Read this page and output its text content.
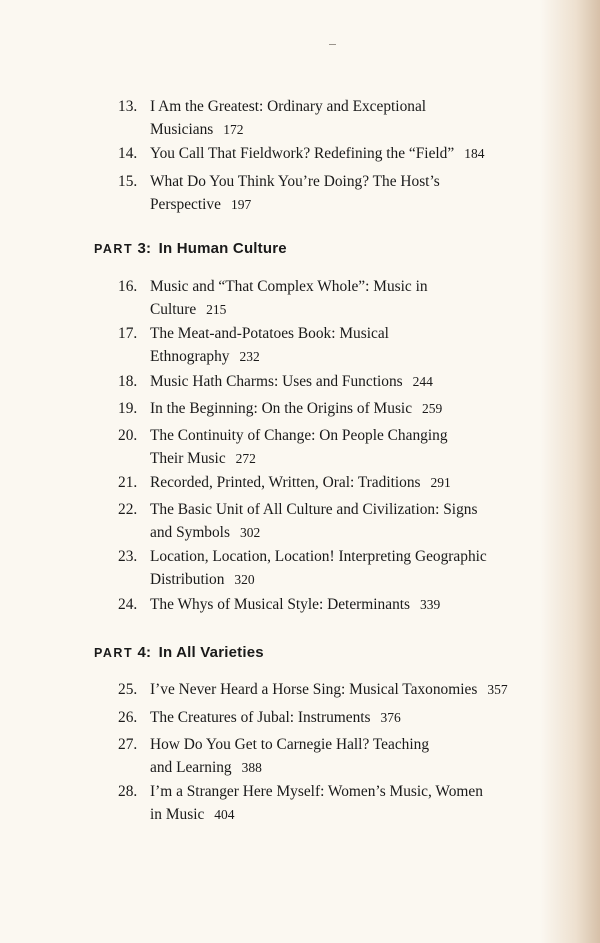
13. I Am the Greatest: Ordinary and Exceptional
Musicians 172
14. You Call That Fieldwork? Redefining the “Field” 184
15. What Do You Think You’re Doing? The Host’s
Perspective 197
PART 3: In Human Culture
16. Music and “That Complex Whole”: Music in
Culture 215
17. The Meat-and-Potatoes Book: Musical
Ethnography 232
18. Music Hath Charms: Uses and Functions 244
19. In the Beginning: On the Origins of Music 259
20. The Continuity of Change: On People Changing
Their Music 272
21. Recorded, Printed, Written, Oral: Traditions 291
22. The Basic Unit of All Culture and Civilization: Signs
and Symbols 302
23. Location, Location, Location! Interpreting Geographic
Distribution 320
24. The Whys of Musical Style: Determinants 339
PART 4: In All Varieties
25. I’ve Never Heard a Horse Sing: Musical Taxonomies 357
26. The Creatures of Jubal: Instruments 376
27. How Do You Get to Carnegie Hall? Teaching
and Learning 388
28. I’m a Stranger Here Myself: Women’s Music, Women
in Music 404
